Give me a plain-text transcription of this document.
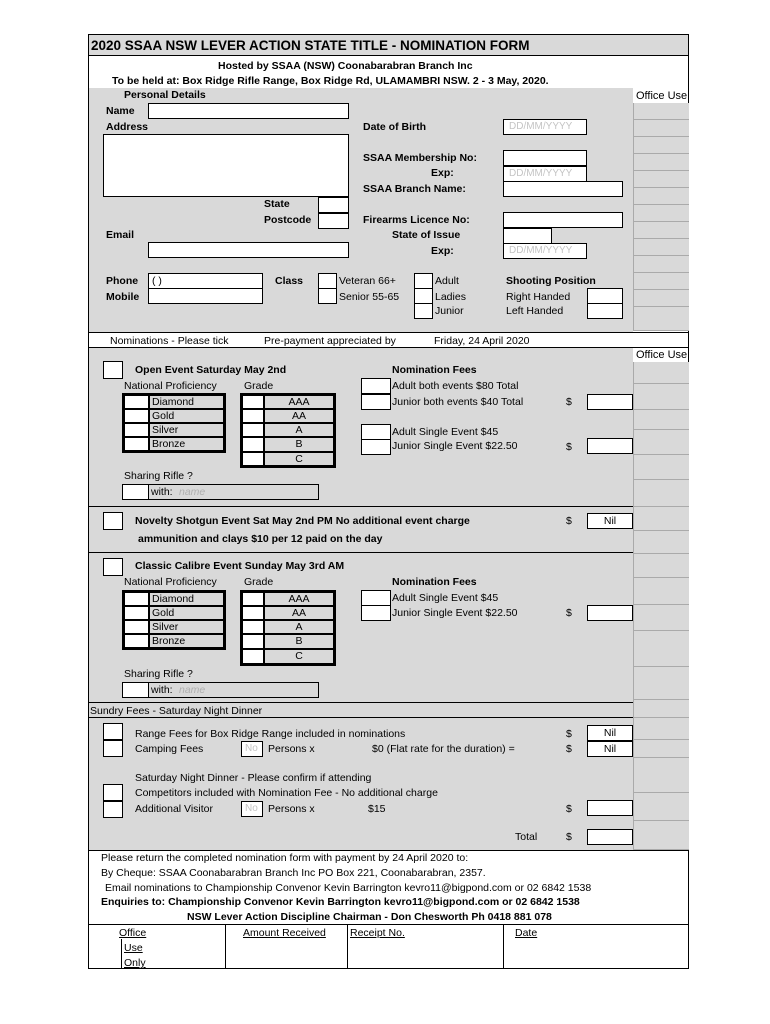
2020 SSAA NSW LEVER ACTION STATE TITLE - NOMINATION FORM
Hosted by SSAA (NSW) Coonabarabran Branch Inc
To be held at: Box Ridge Rifle Range, Box Ridge Rd, ULAMAMBRI NSW. 2 - 3 May, 2020.
Personal Details	Office Use
Name
Address
State
Postcode
Email
Date of Birth	DD/MM/YYYY
SSAA Membership No:
Exp:	DD/MM/YYYY
SSAA Branch Name:
Firearms Licence No:
State of Issue
Exp:	DD/MM/YYYY
Phone	( )
Mobile
Class	Veteran 66+
Senior 55-65
Adult
Ladies
Junior
Shooting Position
Right Handed
Left Handed
Nominations - Please tick	Pre-payment appreciated by	Friday, 24 April 2020
Office Use
Open Event Saturday May 2nd
National Proficiency	Grade
Nomination Fees
Diamond
Gold
Silver
Bronze
AAA
AA
A
B
C
Adult both events $80 Total
Junior both events $40 Total	$
Adult Single Event $45
Junior Single Event $22.50	$
Sharing Rifle ?
with: name
Novelty Shotgun Event Sat May 2nd PM No additional event charge	$	Nil
ammunition and clays $10 per 12 paid on the day
Classic Calibre Event Sunday May 3rd AM
National Proficiency	Grade	Nomination Fees
Diamond
Gold
Silver
Bronze
AAA
AA
A
B
C
Adult Single Event $45
Junior Single Event $22.50	$
Sharing Rifle ?
with: name
Sundry Fees - Saturday Night Dinner
Range Fees for Box Ridge Range included in nominations	$	Nil
Camping Fees	No Persons x	$0 (Flat rate for the duration) =	$	Nil
Saturday Night Dinner - Please confirm if attending
Competitors included with Nomination Fee - No additional charge
Additional Visitor	No Persons x	$15	$
Total	$
Please return the completed nomination form with payment by 24 April 2020 to:
By Cheque: SSAA Coonabarabran Branch Inc PO Box 221, Coonabarabran, 2357.
Email nominations to Championship Convenor Kevin Barrington kevro11@bigpond.com or 02 6842 1538
Enquiries to: Championship Convenor Kevin Barrington kevro11@bigpond.com or 02 6842 1538
NSW Lever Action Discipline Chairman - Don Chesworth Ph 0418 881 078
Office
Use
Only
Amount Received Receipt No.	Date
